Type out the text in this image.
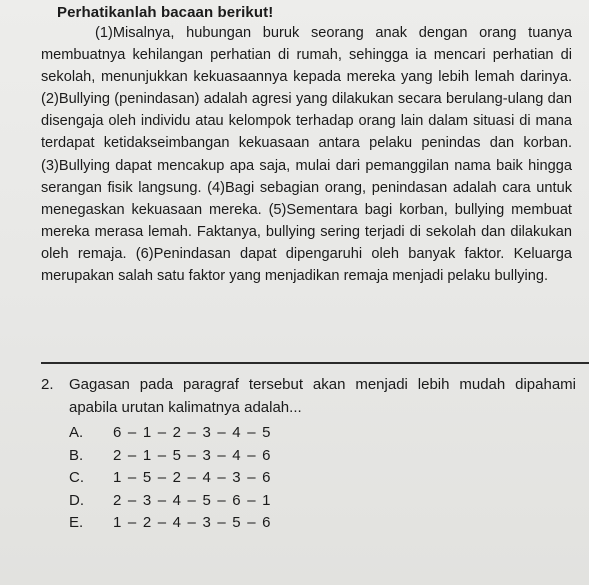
Perhatikanlah bacaan berikut!

(1)Misalnya, hubungan buruk seorang anak dengan orang tuanya membuatnya kehilangan perhatian di rumah, sehingga ia mencari perhatian di sekolah, menunjukkan kekuasaannya kepada mereka yang lebih lemah darinya. (2)Bullying (penindasan) adalah agresi yang dilakukan secara berulang-ulang dan disengaja oleh individu atau kelompok terhadap orang lain dalam situasi di mana terdapat ketidakseimbangan kekuasaan antara pelaku penindas dan korban. (3)Bullying dapat mencakup apa saja, mulai dari pemanggilan nama baik hingga serangan fisik langsung. (4)Bagi sebagian orang, penindasan adalah cara untuk menegaskan kekuasaan mereka. (5)Sementara bagi korban, bullying membuat mereka merasa lemah. Faktanya, bullying sering terjadi di sekolah dan dilakukan oleh remaja. (6)Penindasan dapat dipengaruhi oleh banyak faktor. Keluarga merupakan salah satu faktor yang menjadikan remaja menjadi pelaku bullying.

2. Gagasan pada paragraf tersebut akan menjadi lebih mudah dipahami apabila urutan kalimatnya adalah...
A.	6 – 1 – 2 – 3 – 4 – 5
B.	2 – 1 – 5 – 3 – 4 – 6
C.	1 – 5 – 2 – 4 – 3 – 6
D.	2 – 3 – 4 – 5 – 6 – 1
E.	1 – 2 – 4 – 3 – 5 – 6
